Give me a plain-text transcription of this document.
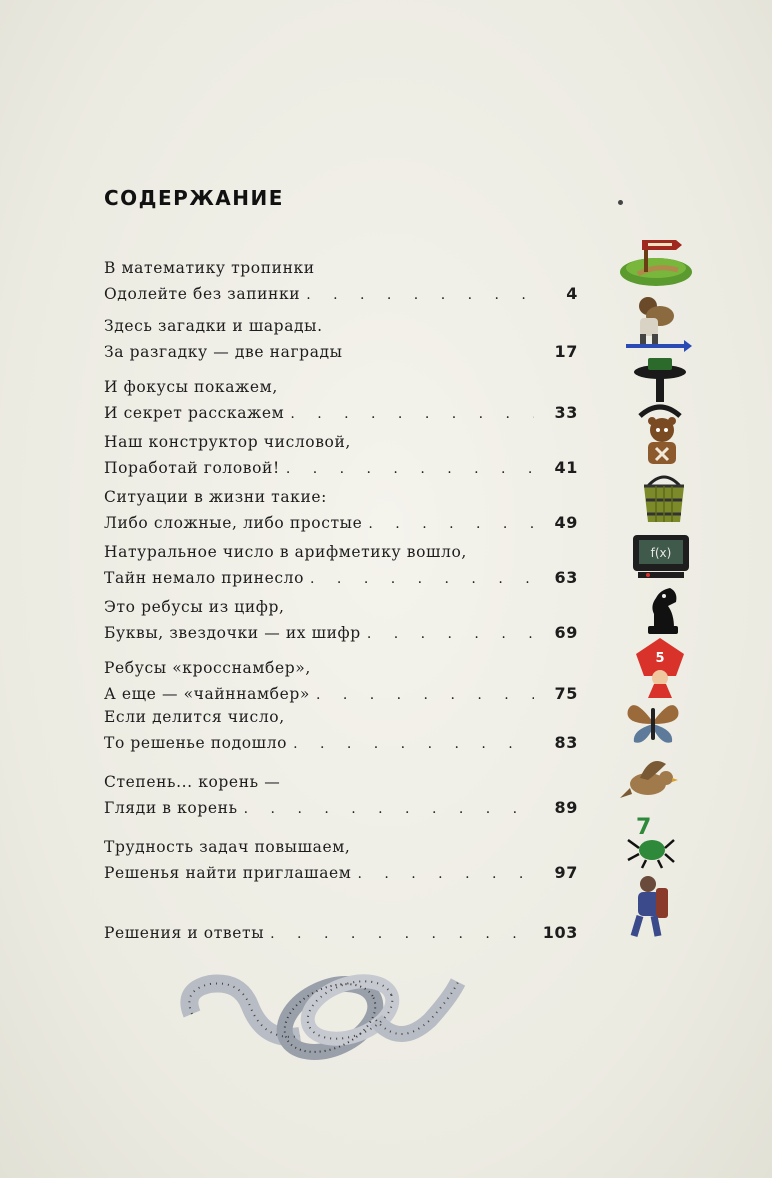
СОДЕРЖАНИЕ
В математику тропинки
Одолейте без запинки . . .	4
Здесь загадки и шарады.
За разгадку — две награды	17
И фокусы покажем,
И секрет расскажем . . .	33
Наш конструктор числовой,
Поработай головой! . . .	41
Ситуации в жизни такие:
Либо сложные, либо простые . . .	49
Натуральное число в арифметику вошло,
Тайн немало принесло . . .	63
Это ребусы из цифр,
Буквы, звездочки — их шифр . . .	69
Ребусы «кросснамбер»,
А еще — «чайннамбер» . . .	75
Если делится число,
То решенье подошло . . .	83
Степень... корень —
Гляди в корень . . .	89
Трудность задач повышаем,
Решенья найти приглашаем . . .	97
Решения и ответы . . .	103
f(x)
5
7
